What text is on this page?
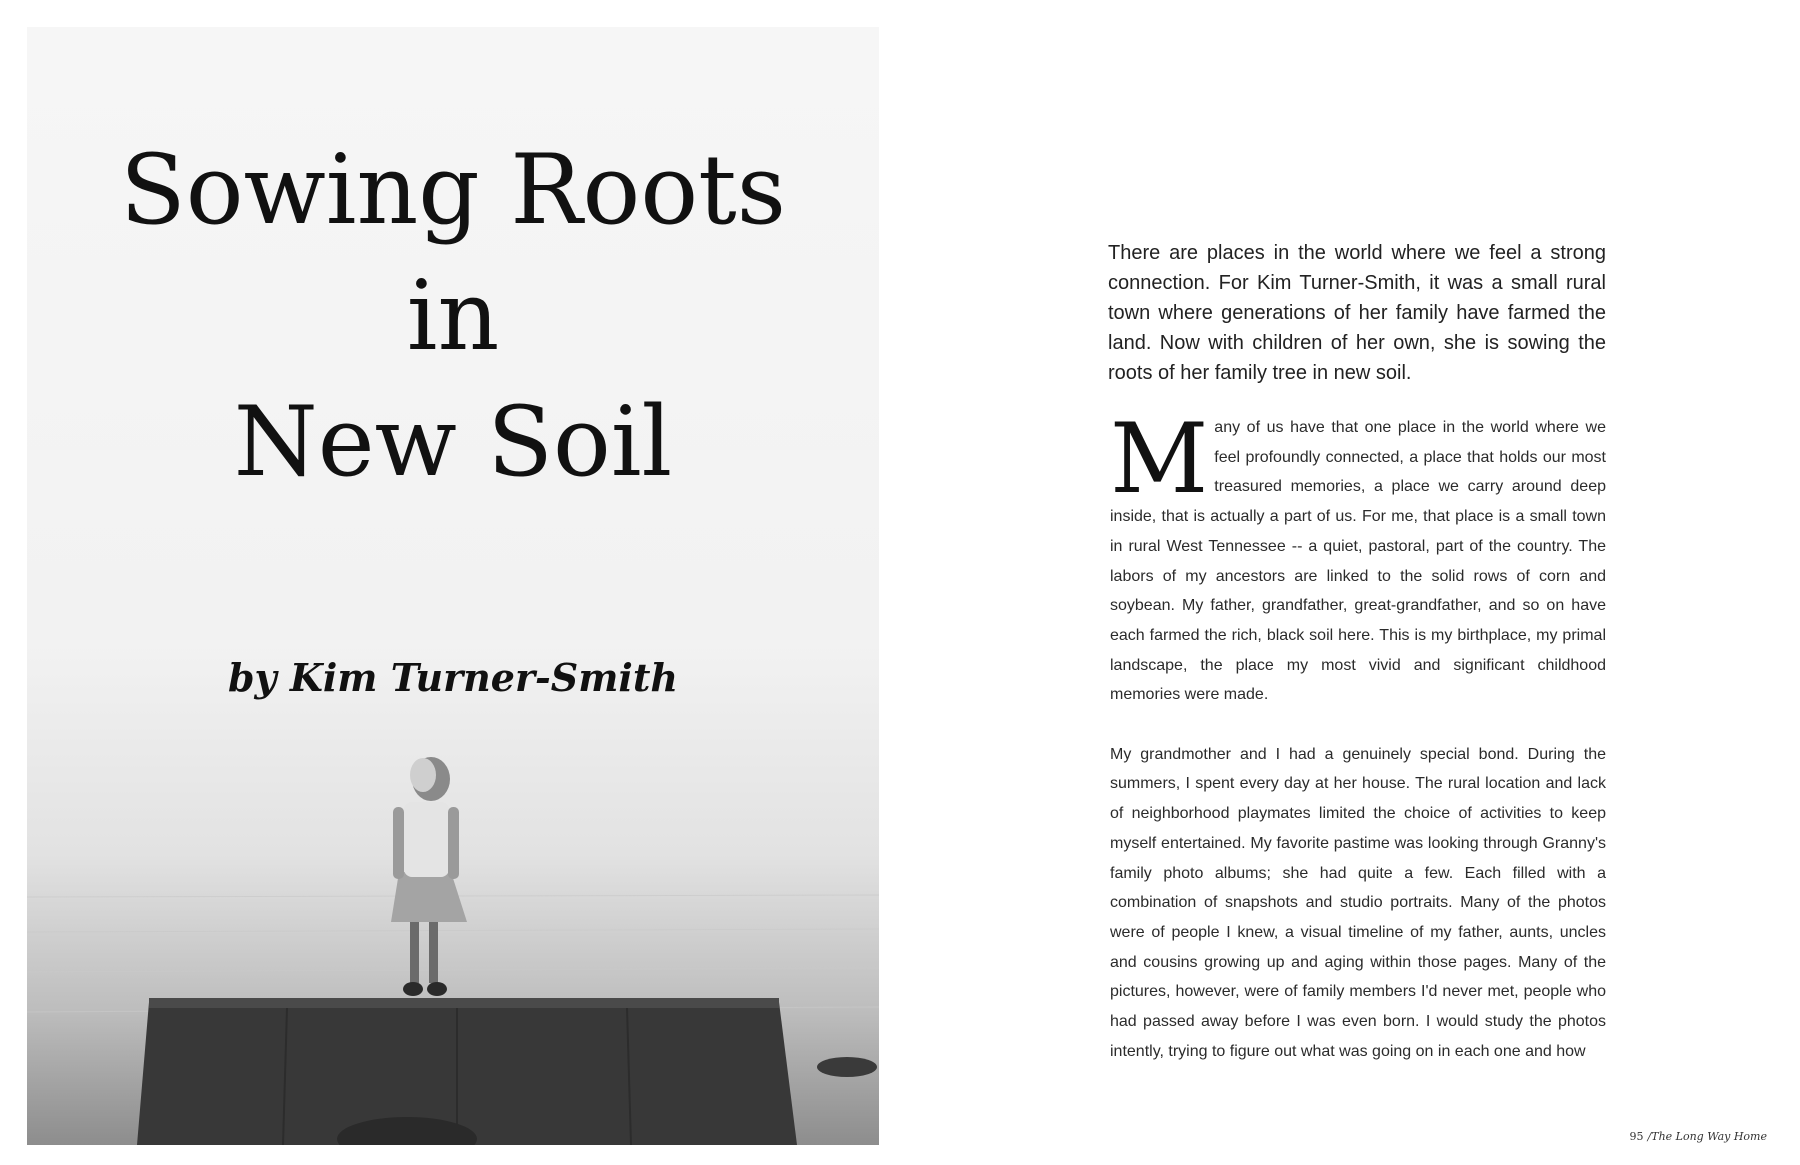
Sowing Roots
in
New Soil
by Kim Turner-Smith

There are places in the world where we feel a strong connection. For Kim Turner-Smith, it was a small rural town where generations of her family have farmed the land. Now with children of her own, she is sowing the roots of her family tree in new soil.

Many of us have that one place in the world where we feel profoundly connected, a place that holds our most treasured memories, a place we carry around deep inside, that is actually a part of us. For me, that place is a small town in rural West Tennessee -- a quiet, pastoral, part of the country. The labors of my ancestors are linked to the solid rows of corn and soybean. My father, grandfather, great-grandfather, and so on have each farmed the rich, black soil here. This is my birthplace, my primal landscape, the place my most vivid and significant childhood memories were made.

My grandmother and I had a genuinely special bond. During the summers, I spent every day at her house. The rural location and lack of neighborhood playmates limited the choice of activities to keep myself entertained. My favorite pastime was looking through Granny's family photo albums; she had quite a few. Each filled with a combination of snapshots and studio portraits. Many of the photos were of people I knew, a visual timeline of my father, aunts, uncles and cousins growing up and aging within those pages. Many of the pictures, however, were of family members I'd never met, people who had passed away before I was even born. I would study the photos intently, trying to figure out what was going on in each one and how

95 /The Long Way Home
